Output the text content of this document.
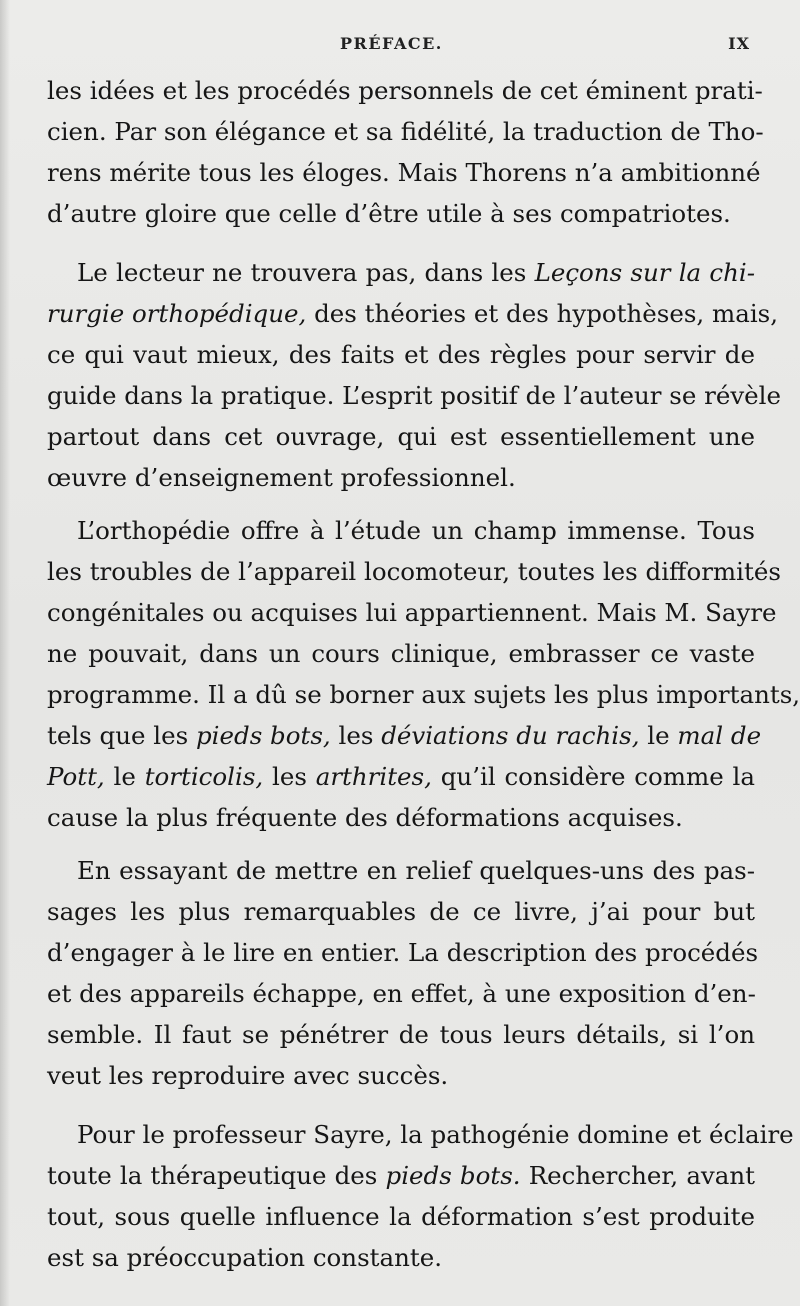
PRÉFACE.	IX
les idées et les procédés personnels de cet éminent prati-
cien. Par son élégance et sa fidélité, la traduction de Tho-
rens mérite tous les éloges. Mais Thorens n’a ambitionné
d’autre gloire que celle d’être utile à ses compatriotes.
Le lecteur ne trouvera pas, dans les Leçons sur la chi-
rurgie orthopédique, des théories et des hypothèses, mais,
ce qui vaut mieux, des faits et des règles pour servir de
guide dans la pratique. L’esprit positif de l’auteur se révèle
partout dans cet ouvrage, qui est essentiellement une
œuvre d’enseignement professionnel.
L’orthopédie offre à l’étude un champ immense. Tous
les troubles de l’appareil locomoteur, toutes les difformités
congénitales ou acquises lui appartiennent. Mais M. Sayre
ne pouvait, dans un cours clinique, embrasser ce vaste
programme. Il a dû se borner aux sujets les plus importants,
tels que les pieds bots, les déviations du rachis, le mal de
Pott, le torticolis, les arthrites, qu’il considère comme la
cause la plus fréquente des déformations acquises.
En essayant de mettre en relief quelques-uns des pas-
sages les plus remarquables de ce livre, j’ai pour but
d’engager à le lire en entier. La description des procédés
et des appareils échappe, en effet, à une exposition d’en-
semble. Il faut se pénétrer de tous leurs détails, si l’on
veut les reproduire avec succès.
Pour le professeur Sayre, la pathogénie domine et éclaire
toute la thérapeutique des pieds bots. Rechercher, avant
tout, sous quelle influence la déformation s’est produite
est sa préoccupation constante.
